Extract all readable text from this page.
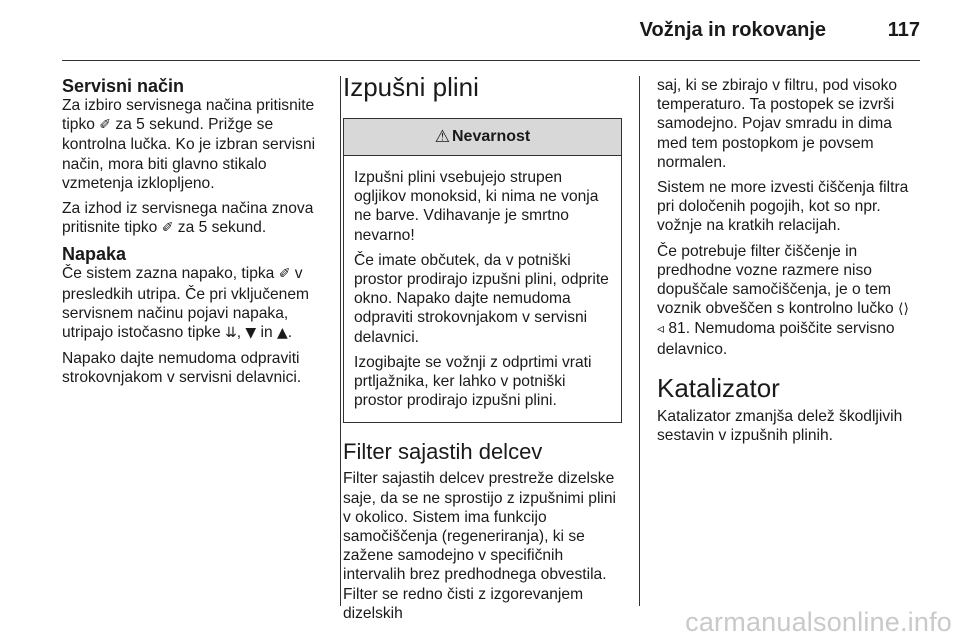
Vožnja in rokovanje	117
Servisni način

Za izbiro servisnega načina pritisnite tipko ✐ za 5 sekund. Prižge se kontrolna lučka. Ko je izbran servisni način, mora biti glavno stikalo vzmetenja izklopljeno.

Za izhod iz servisnega načina znova pritisnite tipko ✐ za 5 sekund.

Napaka

Če sistem zazna napako, tipka ✐ v presledkih utripa. Če pri vključenem servisnem načinu pojavi napaka, utripajo istočasno tipke ⇊, ▼ in ▲.

Napako dajte nemudoma odpraviti strokovnjakom v servisni delavnici.

Izpušni plini
⚠ Nevarnost

Izpušni plini vsebujejo strupen ogljikov monoksid, ki nima ne vonja ne barve. Vdihavanje je smrtno nevarno!

Če imate občutek, da v potniški prostor prodirajo izpušni plini, odprite okno. Napako dajte nemudoma odpraviti strokovnjakom v servisni delavnici.

Izogibajte se vožnji z odprtimi vrati prtljažnika, ker lahko v potniški prostor prodirajo izpušni plini.

Filter sajastih delcev

Filter sajastih delcev prestreže dizelske saje, da se ne sprostijo z izpušnimi plini v okolico. Sistem ima funkcijo samočiščenja (regeneriranja), ki se zažene samodejno v specifičnih intervalih brez predhodnega obvestila. Filter se redno čisti z izgorevanjem dizelskih

saj, ki se zbirajo v filtru, pod visoko temperaturo. Ta postopek se izvrši samodejno. Pojav smradu in dima med tem postopkom je povsem normalen.

Sistem ne more izvesti čiščenja filtra pri določenih pogojih, kot so npr. vožnje na kratkih relacijah.

Če potrebuje filter čiščenje in predhodne vozne razmere niso dopuščale samočiščenja, je o tem voznik obveščen s kontrolno lučko ⟨⟩
◃ 81. Nemudoma poiščite servisno delavnico.

Katalizator

Katalizator zmanjša delež škodljivih sestavin v izpušnih plinih.

carmanualsonline.info
